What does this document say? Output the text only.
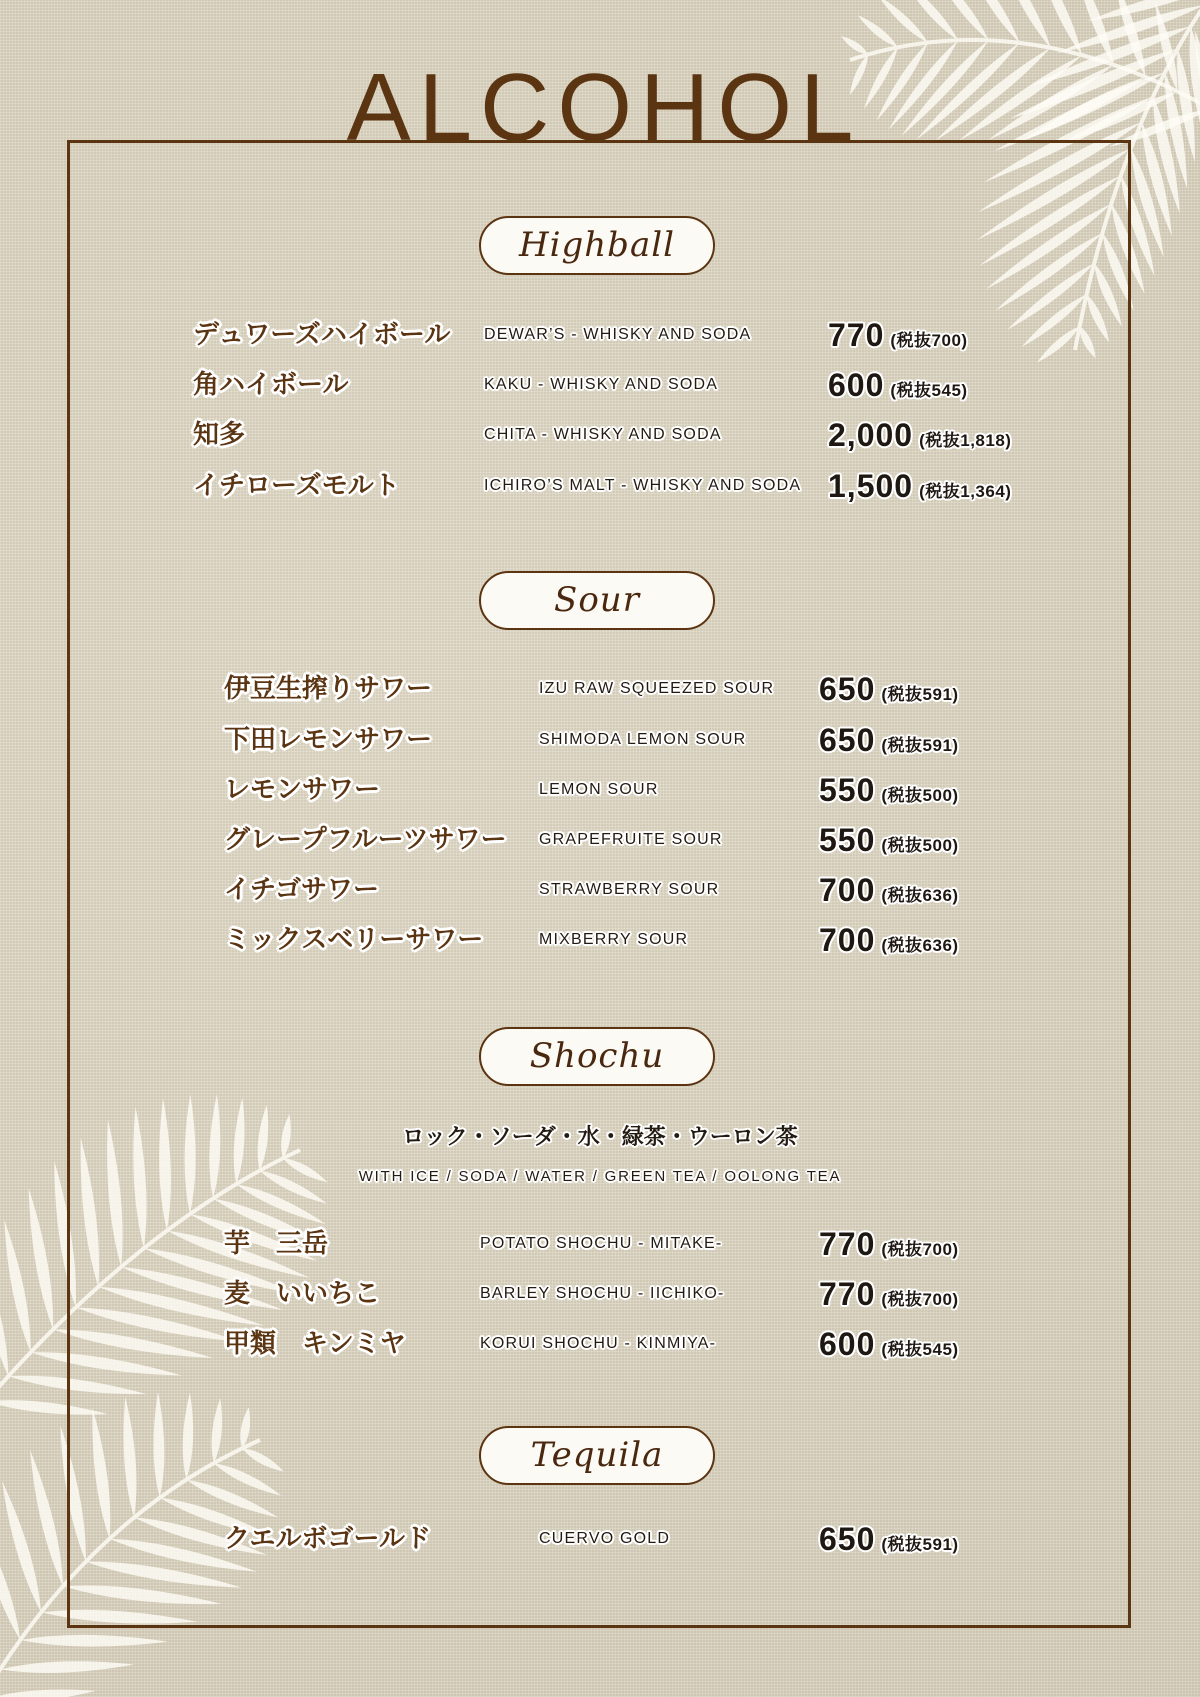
ALCOHOL
Highball
デュワーズハイボール DEWAR’S - WHISKY AND SODA 770 (税抜700)
角ハイボール	KAKU - WHISKY AND SODA	600 (税抜545)
知多	CHITA - WHISKY AND SODA	2,000 (税抜1,818)
イチローズモルト	ICHIRO’S MALT - WHISKY AND SODA 1,500 (税抜1,364)
Sour
伊豆生搾りサワー	IZU RAW SQUEEZED SOUR 650 (税抜591)
下田レモンサワー	SHIMODA LEMON SOUR 650 (税抜591)
レモンサワー	LEMON SOUR	550 (税抜500)
グレープフルーツサワー GRAPEFRUITE SOUR	550 (税抜500)
イチゴサワー	STRAWBERRY SOUR	700 (税抜636)
ミックスベリーサワー	MIXBERRY SOUR	700 (税抜636)
Shochu
ロック・ソーダ・水・緑茶・ウーロン茶
WITH ICE / SODA / WATER / GREEN TEA / OOLONG TEA
芋　三岳	POTATO SHOCHU - MITAKE-	770 (税抜700)
麦　いいちこ	BARLEY SHOCHU - IICHIKO-	770 (税抜700)
甲類　キンミヤ	KORUI SHOCHU - KINMIYA-	600 (税抜545)
Tequila
クエルボゴールド	CUERVO GOLD	650 (税抜591)
